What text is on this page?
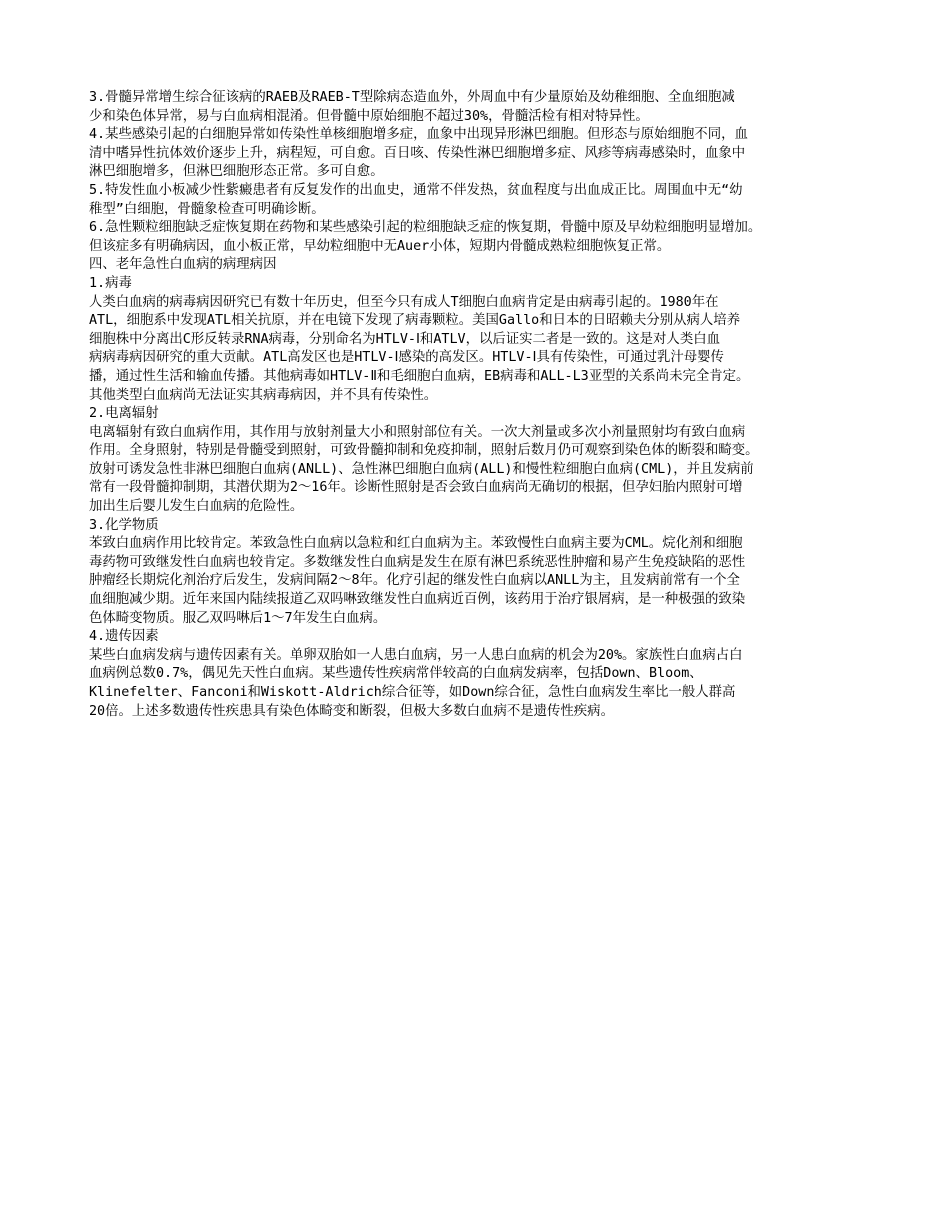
3.骨髓异常增生综合征该病的RAEB及RAEB-T型除病态造血外，外周血中有少量原始及幼稚细胞、全血细胞减
少和染色体异常，易与白血病相混淆。但骨髓中原始细胞不超过30%，骨髓活检有相对特异性。
4.某些感染引起的白细胞异常如传染性单核细胞增多症，血象中出现异形淋巴细胞。但形态与原始细胞不同，血
清中嗜异性抗体效价逐步上升，病程短，可自愈。百日咳、传染性淋巴细胞增多症、风疹等病毒感染时，血象中
淋巴细胞增多，但淋巴细胞形态正常。多可自愈。
5.特发性血小板减少性紫癜患者有反复发作的出血史，通常不伴发热，贫血程度与出血成正比。周围血中无“幼
稚型”白细胞，骨髓象检查可明确诊断。
6.急性颗粒细胞缺乏症恢复期在药物和某些感染引起的粒细胞缺乏症的恢复期，骨髓中原及早幼粒细胞明显增加。
但该症多有明确病因，血小板正常，早幼粒细胞中无Auer小体，短期内骨髓成熟粒细胞恢复正常。
四、老年急性白血病的病理病因
1.病毒
人类白血病的病毒病因研究已有数十年历史，但至今只有成人T细胞白血病肯定是由病毒引起的。1980年在
ATL，细胞系中发现ATL相关抗原，并在电镜下发现了病毒颗粒。美国Gallo和日本的日昭赖夫分别从病人培养
细胞株中分离出C形反转录RNA病毒，分别命名为HTLV-Ⅰ和ATLV，以后证实二者是一致的。这是对人类白血
病病毒病因研究的重大贡献。ATL高发区也是HTLV-Ⅰ感染的高发区。HTLV-Ⅰ具有传染性，可通过乳汁母婴传
播，通过性生活和输血传播。其他病毒如HTLV-Ⅱ和毛细胞白血病，EB病毒和ALL-L3亚型的关系尚未完全肯定。
其他类型白血病尚无法证实其病毒病因，并不具有传染性。
2.电离辐射
电离辐射有致白血病作用，其作用与放射剂量大小和照射部位有关。一次大剂量或多次小剂量照射均有致白血病
作用。全身照射，特别是骨髓受到照射，可致骨髓抑制和免疫抑制，照射后数月仍可观察到染色体的断裂和畸变。
放射可诱发急性非淋巴细胞白血病(ANLL)、急性淋巴细胞白血病(ALL)和慢性粒细胞白血病(CML)，并且发病前
常有一段骨髓抑制期，其潜伏期为2～16年。诊断性照射是否会致白血病尚无确切的根据，但孕妇胎内照射可增
加出生后婴儿发生白血病的危险性。
3.化学物质
苯致白血病作用比较肯定。苯致急性白血病以急粒和红白血病为主。苯致慢性白血病主要为CML。烷化剂和细胞
毒药物可致继发性白血病也较肯定。多数继发性白血病是发生在原有淋巴系统恶性肿瘤和易产生免疫缺陷的恶性
肿瘤经长期烷化剂治疗后发生，发病间隔2～8年。化疗引起的继发性白血病以ANLL为主，且发病前常有一个全
血细胞减少期。近年来国内陆续报道乙双吗啉致继发性白血病近百例，该药用于治疗银屑病，是一种极强的致染
色体畸变物质。服乙双吗啉后1～7年发生白血病。
4.遗传因素
某些白血病发病与遗传因素有关。单卵双胎如一人患白血病，另一人患白血病的机会为20%。家族性白血病占白
血病例总数0.7%，偶见先天性白血病。某些遗传性疾病常伴较高的白血病发病率，包括Down、Bloom、
Klinefelter、Fanconi和Wiskott-Aldrich综合征等，如Down综合征，急性白血病发生率比一般人群高
20倍。上述多数遗传性疾患具有染色体畸变和断裂，但极大多数白血病不是遗传性疾病。
